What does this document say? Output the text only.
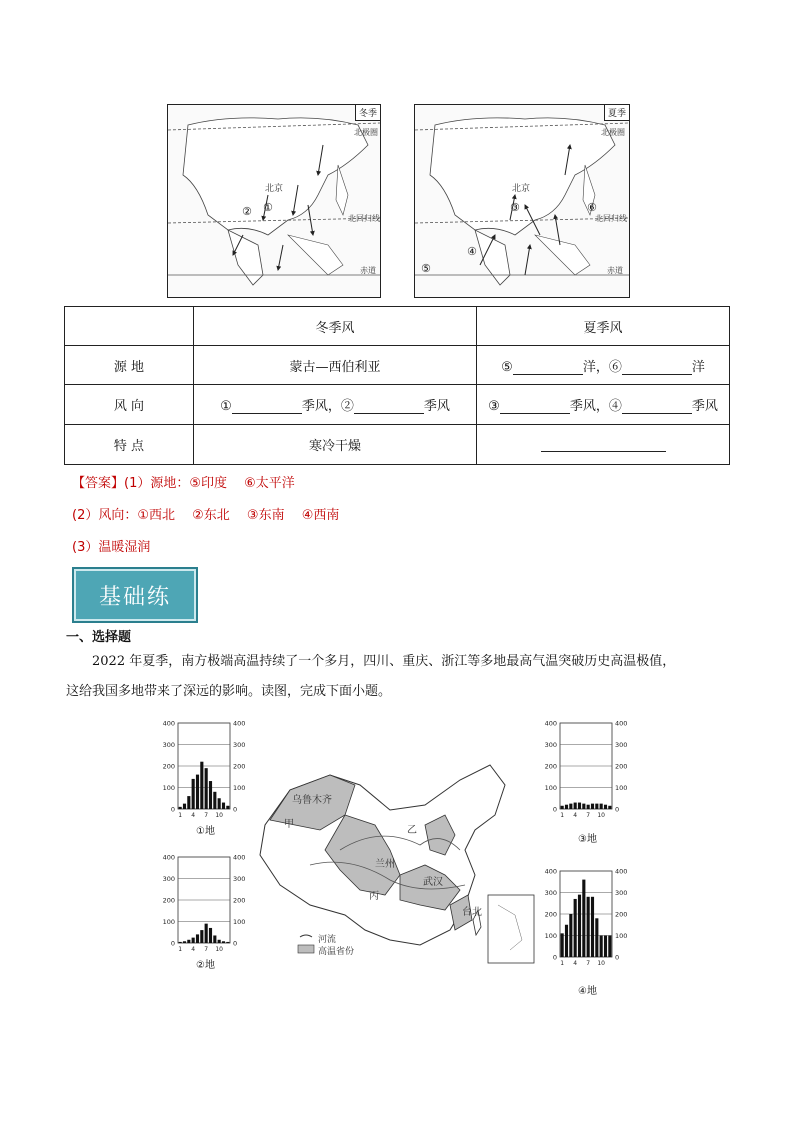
冬季
北京
北回归线
北极圈
赤道
①
②
夏季
北京
北回归线
北极圈
赤道
③
④
⑤
⑥
	冬季风	夏季风
源 地	蒙古—西伯利亚	⑤ 洋，⑥ 洋
风 向	① 季风，② 季风	③ 季风，④ 季风
特 点	寒冷干燥	
【答案】(1）源地：⑤印度　 ⑥太平洋
(2）风向：①西北　 ②东北　 ③东南　 ④西南
(3）温暖湿润
基础练
一、选择题
2022 年夏季，南方极端高温持续了一个多月，四川、重庆、浙江等多地最高气温突破历史高温极值，
这给我国多地带来了深远的影响。读图，完成下面小题。
乌鲁木齐
甲
乙
兰州
丙
武汉
台北
河流
高温省份
0	0
100	100
200	200
300	300
400	400
1 4 7 10
①地
0	0
100	100
200	200
300	300
400	400
1 4 7 10
②地
0	0
100	100
200	200
300	300
400	400
1 4 7 10
③地
0	0
100	100
200	200
300	300
400	400
1 4 7 10
④地
